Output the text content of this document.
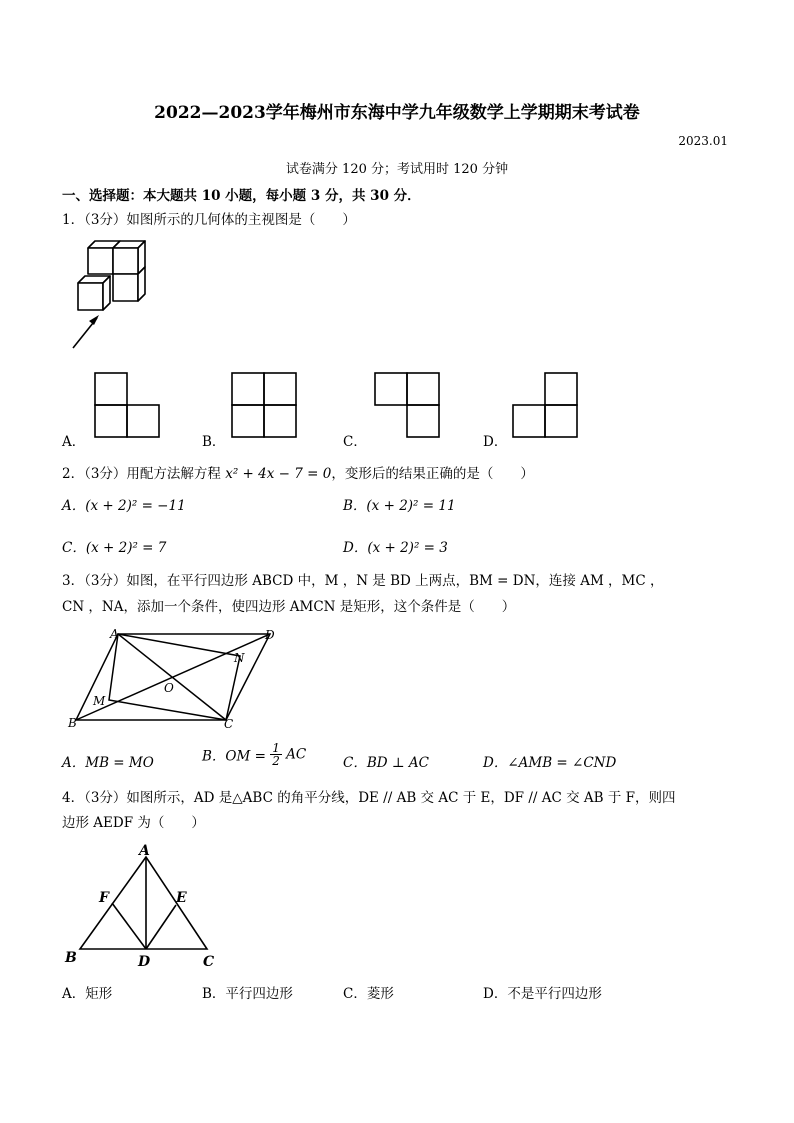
2022—2023学年梅州市东海中学九年级数学上学期期末考试卷
2023.01
试卷满分 120 分；考试用时 120 分钟
一、选择题：本大题共 10 小题，每小题 3 分，共 30 分．
1．（3分）如图所示的几何体的主视图是（　　）
A．	B．	C．	D．
2．（3分）用配方法解方程 x² + 4x − 7 = 0，变形后的结果正确的是（　　）
A．(x + 2)² = −11	B．(x + 2)² = 11
C．(x + 2)² = 7	D．(x + 2)² = 3
3．（3分）如图，在平行四边形 ABCD 中，M ，N 是 BD 上两点，BM = DN，连接 AM ，MC ，
CN ，NA，添加一个条件，使四边形 AMCN 是矩形，这个条件是（　　）
A	D
N
O
M
B	C
A．MB = MO	B．OM = $\frac{1}{2}$ AC
C．BD ⊥ AC	D．∠AMB = ∠CND
4．（3分）如图所示，AD 是△ABC 的角平分线，DE // AB 交 AC 于 E，DF // AC 交 AB 于 F，则四
边形 AEDF 为（　　）
A
F	E
B	D	C
A．矩形	B．平行四边形	C．菱形	D．不是平行四边形
